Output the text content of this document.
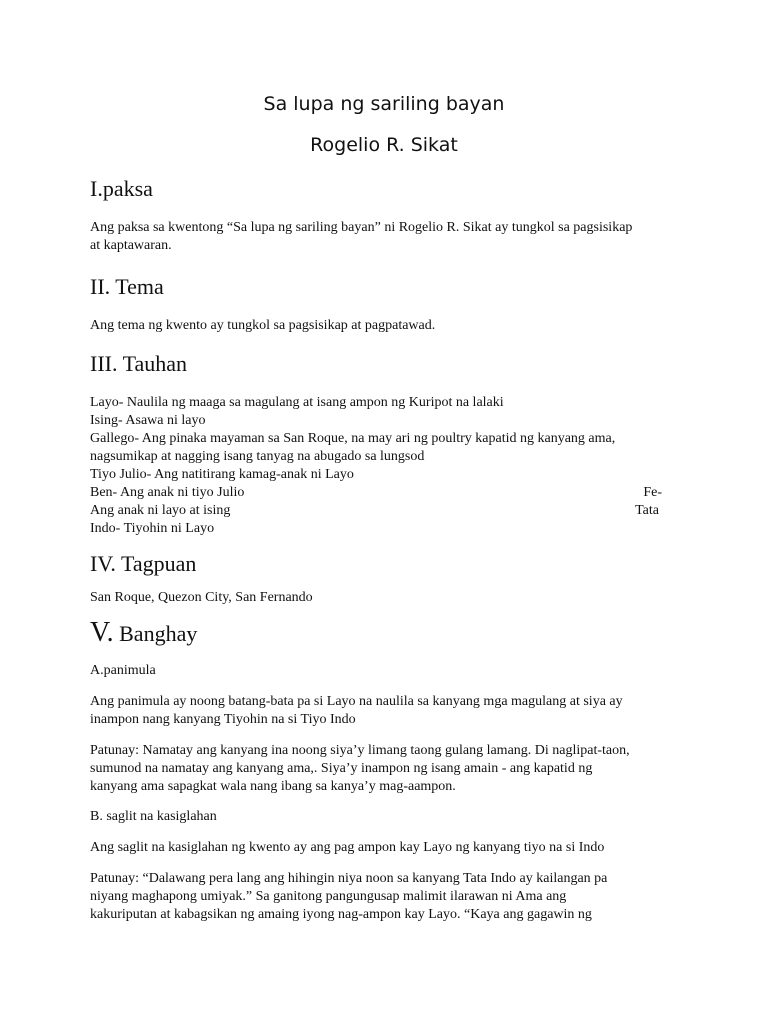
Sa lupa ng sariling bayan
Rogelio R. Sikat
I.paksa
Ang paksa sa kwentong “Sa lupa ng sariling bayan” ni Rogelio R. Sikat ay tungkol sa pagsisikap
at kaptawaran.
II. Tema
Ang tema ng kwento ay tungkol sa pagsisikap at pagpatawad.
III. Tauhan
Layo- Naulila ng maaga sa magulang at isang ampon ng Kuripot na lalaki
Ising- Asawa ni layo
Gallego- Ang pinaka mayaman sa San Roque, na may ari ng poultry kapatid ng kanyang ama,
nagsumikap at nagging isang tanyag na abugado sa lungsod
Tiyo Julio- Ang natitirang kamag-anak ni Layo
Ben- Ang anak ni tiyo Julio	Fe-
Ang anak ni layo at ising	Tata
Indo- Tiyohin ni Layo
IV. Tagpuan
San Roque, Quezon City, San Fernando
V. Banghay
A.panimula
Ang panimula ay noong batang-bata pa si Layo na naulila sa kanyang mga magulang at siya ay
inampon nang kanyang Tiyohin na si Tiyo Indo
Patunay: Namatay ang kanyang ina noong siya’y limang taong gulang lamang. Di naglipat-taon,
sumunod na namatay ang kanyang ama,. Siya’y inampon ng isang amain - ang kapatid ng
kanyang ama sapagkat wala nang ibang sa kanya’y mag-aampon.
B. saglit na kasiglahan
Ang saglit na kasiglahan ng kwento ay ang pag ampon kay Layo ng kanyang tiyo na si Indo
Patunay: “Dalawang pera lang ang hihingin niya noon sa kanyang Tata Indo ay kailangan pa
niyang maghapong umiyak.” Sa ganitong pangungusap malimit ilarawan ni Ama ang
kakuriputan at kabagsikan ng amaing iyong nag-ampon kay Layo. “Kaya ang gagawin ng
